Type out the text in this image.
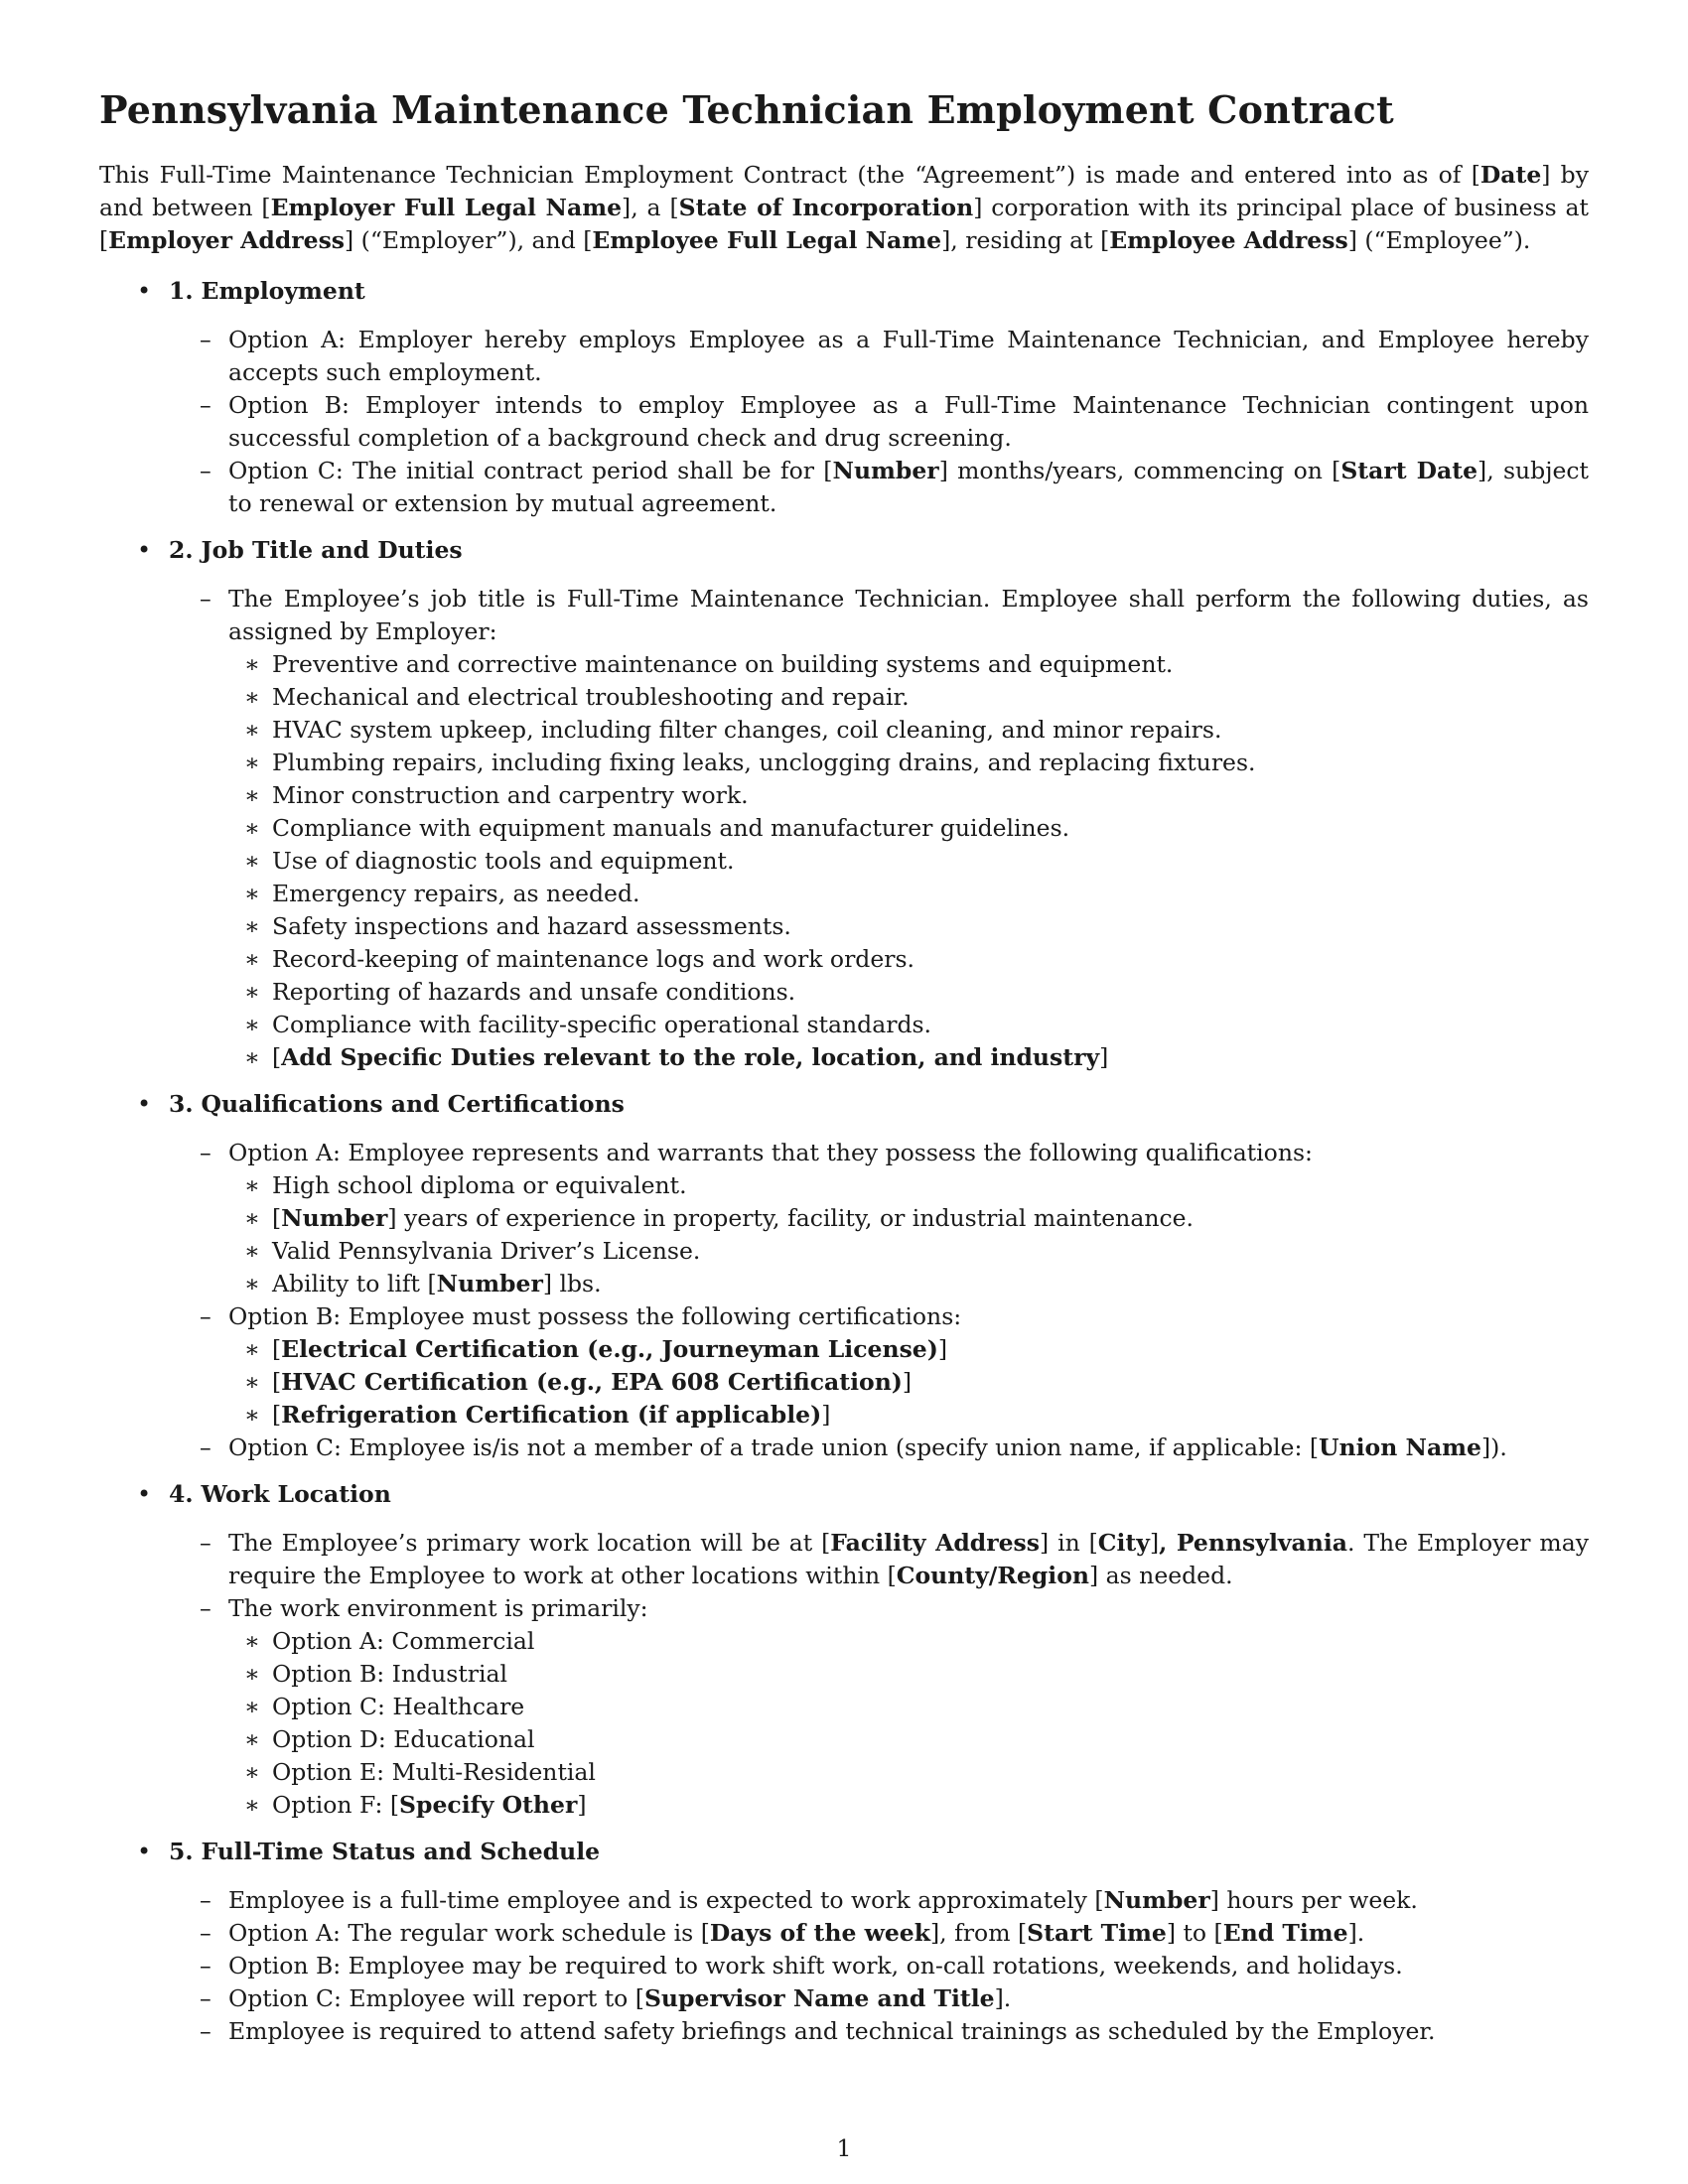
Pennsylvania Maintenance Technician Employment Contract

This Full-Time Maintenance Technician Employment Contract (the “Agreement”) is made and entered into as of [Date] by and between [Employer Full Legal Name], a [State of Incorporation] corporation with its principal place of business at [Employer Address] (“Employer”), and [Employee Full Legal Name], residing at [Employee Address] (“Employee”).

• 1. Employment
– Option A: Employer hereby employs Employee as a Full-Time Maintenance Technician, and Employee hereby accepts such employment.
– Option B: Employer intends to employ Employee as a Full-Time Maintenance Technician contingent upon successful completion of a background check and drug screening.
– Option C: The initial contract period shall be for [Number] months/years, commencing on [Start Date], subject to renewal or extension by mutual agreement.
• 2. Job Title and Duties
– The Employee’s job title is Full-Time Maintenance Technician. Employee shall perform the following duties, as assigned by Employer:
∗ Preventive and corrective maintenance on building systems and equipment.
∗ Mechanical and electrical troubleshooting and repair.
∗ HVAC system upkeep, including filter changes, coil cleaning, and minor repairs.
∗ Plumbing repairs, including fixing leaks, unclogging drains, and replacing fixtures.
∗ Minor construction and carpentry work.
∗ Compliance with equipment manuals and manufacturer guidelines.
∗ Use of diagnostic tools and equipment.
∗ Emergency repairs, as needed.
∗ Safety inspections and hazard assessments.
∗ Record-keeping of maintenance logs and work orders.
∗ Reporting of hazards and unsafe conditions.
∗ Compliance with facility-specific operational standards.
∗ [Add Specific Duties relevant to the role, location, and industry]
• 3. Qualifications and Certifications
– Option A: Employee represents and warrants that they possess the following qualifications:
∗ High school diploma or equivalent.
∗ [Number] years of experience in property, facility, or industrial maintenance.
∗ Valid Pennsylvania Driver’s License.
∗ Ability to lift [Number] lbs.
– Option B: Employee must possess the following certifications:
∗ [Electrical Certification (e.g., Journeyman License)]
∗ [HVAC Certification (e.g., EPA 608 Certification)]
∗ [Refrigeration Certification (if applicable)]
– Option C: Employee is/is not a member of a trade union (specify union name, if applicable: [Union Name]).
• 4. Work Location
– The Employee’s primary work location will be at [Facility Address] in [City], Pennsylvania. The Employer may require the Employee to work at other locations within [County/Region] as needed.
– The work environment is primarily:
∗ Option A: Commercial
∗ Option B: Industrial
∗ Option C: Healthcare
∗ Option D: Educational
∗ Option E: Multi-Residential
∗ Option F: [Specify Other]
• 5. Full-Time Status and Schedule
– Employee is a full-time employee and is expected to work approximately [Number] hours per week.
– Option A: The regular work schedule is [Days of the week], from [Start Time] to [End Time].
– Option B: Employee may be required to work shift work, on-call rotations, weekends, and holidays.
– Option C: Employee will report to [Supervisor Name and Title].
– Employee is required to attend safety briefings and technical trainings as scheduled by the Employer.
1
